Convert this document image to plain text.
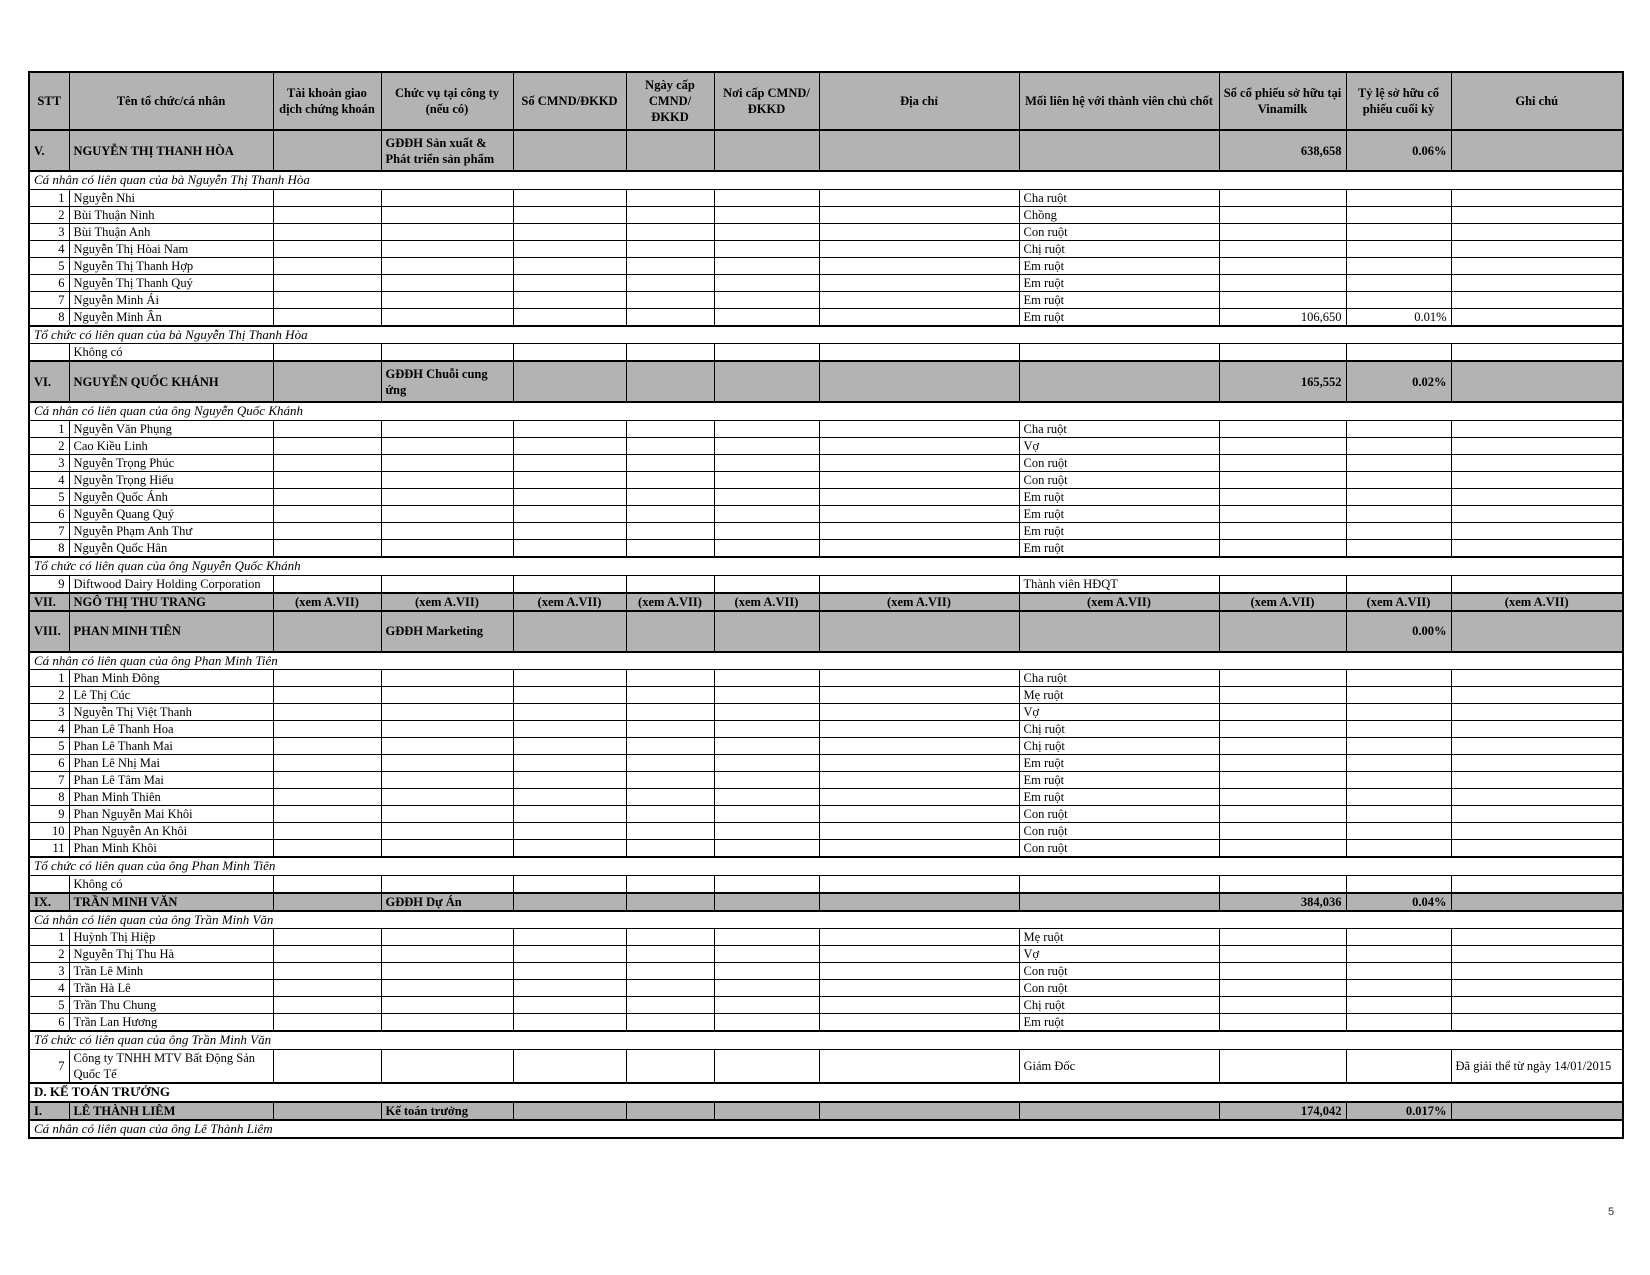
STT	Tên tổ chức/cá nhân	Tài khoản giao dịch chứng khoán	Chức vụ tại công ty (nếu có)	Số CMND/ĐKKD	Ngày cấp CMND/ĐKKD	Nơi cấp CMND/ĐKKD	Địa chỉ	Mối liên hệ với thành viên chủ chốt	Số cổ phiếu sở hữu tại Vinamilk	Tỷ lệ sở hữu cổ phiếu cuối kỳ	Ghi chú
V.	NGUYỄN THỊ THANH HÒA		GĐĐH Sản xuất & Phát triển sản phẩm						638,658	0.06%	
Cá nhân có liên quan của bà Nguyễn Thị Thanh Hòa											
1	Nguyễn Nhi							Cha ruột			
2	Bùi Thuận Ninh							Chồng			
3	Bùi Thuận Anh							Con ruột			
4	Nguyễn Thị Hòai Nam							Chị ruột			
5	Nguyễn Thị Thanh Hợp							Em ruột			
6	Nguyễn Thị Thanh Quý							Em ruột			
7	Nguyễn Minh Ái							Em ruột			
8	Nguyễn Minh Ân							Em ruột	106,650	0.01%	
Tổ chức có liên quan của bà Nguyễn Thị Thanh Hòa											
	Không có										
VI.	NGUYỄN QUỐC KHÁNH		GĐĐH Chuỗi cung ứng						165,552	0.02%	
Cá nhân có liên quan của ông Nguyễn Quốc Khánh											
1	Nguyễn Văn Phụng							Cha ruột			
2	Cao Kiều Linh							Vợ			
3	Nguyễn Trọng Phúc							Con ruột			
4	Nguyễn Trọng Hiếu							Con ruột			
5	Nguyễn Quốc Ánh							Em ruột			
6	Nguyễn Quang Quý							Em ruột			
7	Nguyễn Phạm Anh Thư							Em ruột			
8	Nguyễn Quốc Hân							Em ruột			
Tổ chức có liên quan của ông Nguyễn Quốc Khánh											
9	Diftwood Dairy Holding Corporation							Thành viên HĐQT			
VII.	NGÔ THỊ THU TRANG	(xem A.VII)	(xem A.VII)	(xem A.VII)	(xem A.VII)	(xem A.VII)	(xem A.VII)	(xem A.VII)	(xem A.VII)	(xem A.VII)	(xem A.VII)
VIII.	PHAN MINH TIÊN		GĐĐH Marketing							0.00%	
Cá nhân có liên quan của ông Phan Minh Tiên											
1	Phan Minh Đông							Cha ruột			
2	Lê Thị Cúc							Mẹ ruột			
3	Nguyễn Thị Việt Thanh							Vợ			
4	Phan Lê Thanh Hoa							Chị ruột			
5	Phan Lê Thanh Mai							Chị ruột			
6	Phan Lê Nhị Mai							Em ruột			
7	Phan Lê Tâm Mai							Em ruột			
8	Phan Minh Thiên							Em ruột			
9	Phan Nguyễn Mai Khôi							Con ruột			
10	Phan Nguyễn An Khôi							Con ruột			
11	Phan Minh Khôi							Con ruột			
Tổ chức có liên quan của ông Phan Minh Tiên											
	Không có										
IX.	TRẦN MINH VĂN		GĐĐH Dự Án						384,036	0.04%	
Cá nhân có liên quan của ông Trần Minh Văn											
1	Huỳnh Thị Hiệp							Mẹ ruột			
2	Nguyễn Thị Thu Hà							Vợ			
3	Trần Lê Minh							Con ruột			
4	Trần Hà Lê							Con ruột			
5	Trần Thu Chung							Chị ruột			
6	Trần Lan Hương							Em ruột			
Tổ chức có liên quan của ông Trần Minh Văn											
7	Công ty TNHH MTV Bất Động Sản Quốc Tế							Giám Đốc			Đã giải thể từ ngày 14/01/2015
D. KẾ TOÁN TRƯỞNG											
I.	LÊ THÀNH LIÊM		Kế toán trưởng						174,042	0.017%	
Cá nhân có liên quan của ông Lê Thành Liêm											
5
